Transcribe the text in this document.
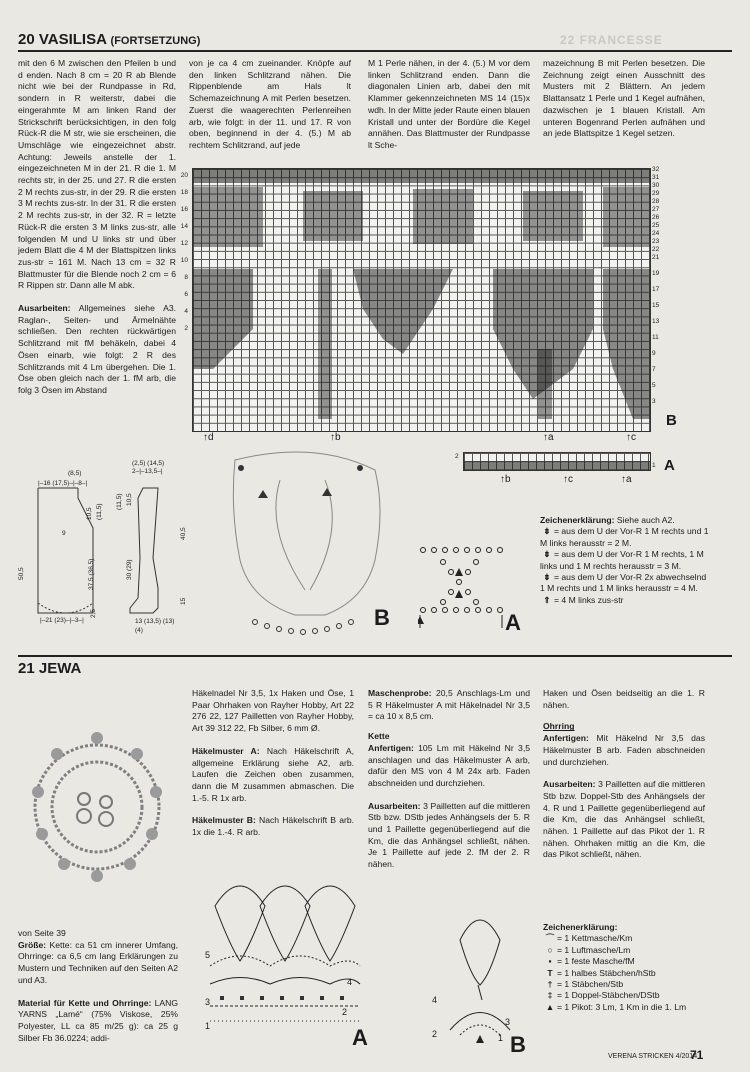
20 VASILISA (FORTSETZUNG)	22 FRANCESSE

mit den 6 M zwischen den Pfeilen b und d enden. Nach 8 cm = 20 R ab Blende nicht wie bei der Rundpasse in Rd, sondern in R weiterstr, dabei die eingerahmte M am linken Rand der Strickschrift berücksichtigen, in den folg Rück-R die M str, wie sie erscheinen, die Umschläge wie eingezeichnet abstr. Achtung: Jeweils anstelle der 1. eingezeichneten M in der 21. R die 1. M rechts str, in der 25. und 27. R die ersten 2 M rechts zus-str, in der 29. R die ersten 3 M rechts zus-str. In der 31. R die ersten 2 M rechts zus-str, in der 32. R = letzte Rück-R die ersten 3 M links zus-str, alle folgenden M und U links str und über jedem Blatt die 4 M der Blattspitzen links zus-str = 161 M. Nach 13 cm = 32 R Blattmuster für die Blende noch 2 cm = 6 R Rippen str. Dann alle M abk.

Ausarbeiten: Allgemeines siehe A3. Raglan-, Seiten- und Ärmelnähte schließen. Den rechten rückwärtigen Schlitzrand mit fM behäkeln, dabei 4 Ösen einarb, wie folgt: 2 R des Schlitzrands mit 4 Lm übergehen. Die 1. Öse oben gleich nach der 1. fM arb, die folg 3 Ösen im Abstand

von je ca 4 cm zueinander. Knöpfe auf den linken Schlitzrand nähen. Die Rippenblende am Hals lt Schemazeichnung A mit Perlen besetzen. Zuerst die waagerechten Perlenreihen arb, wie folgt: in der 11. und 17. R von oben, beginnend in der 4. (5.) M ab rechtem Schlitzrand, auf jede

M 1 Perle nähen, in der 4. (5.) M vor dem linken Schlitzrand enden. Dann die diagonalen Linien arb, dabei den mit Klammer gekennzeichneten MS 14 (15)x wdh. In der Mitte jeder Raute einen blauen Kristall und unter der Bordüre die Kegel annähen. Das Blattmuster der Rundpasse lt Sche-

mazeichnung B mit Perlen besetzen. Die Zeichnung zeigt einen Ausschnitt des Musters mit 2 Blättern. An jedem Blattansatz 1 Perle und 1 Kegel aufnähen, dazwischen je 1 blauen Kristall. Am unteren Bogenrand Perlen aufnähen und an jede Blattspitze 1 Kegel setzen.

20
18
16
14
12
10
8
6
4
2
32
31
30
29
28
27
26
25
24
23
22
21
19
17
15
13
11
9
7
5
3
B
↑d	↑b	↑a	↑c
2
1 A
↑b	↑c	↑a
Zeichenerklärung: Siehe auch A2.
⇟ = aus dem U der Vor-R 1 M rechts und 1 M links herausstr = 2 M.
⇟ = aus dem U der Vor-R 1 M rechts, 1 M links und 1 M rechts herausstr = 3 M.
⇟ = aus dem U der Vor-R 2x abwechselnd 1 M rechts und 1 M links herausstr = 4 M.
⇑ = 4 M links zus-str
(8,5)
|–16 (17,5)–|–8–|
9
|–21 (23)–|–3–|
50,5	37,5 (36,5)
10,5 (11,5)
2,5
(2,5) (14,5)
2–|–13,5–|
(11,5) 10,5
30 (29)
40,5
15
13 (13,5) (13)
(4)
B	A
21 JEWA

von Seite 39

Größe: Kette: ca 51 cm innerer Umfang, Ohrringe: ca 6,5 cm lang Erklärungen zu Mustern und Techniken auf den Seiten A2 und A3.

Material für Kette und Ohrringe: LANG YARNS „Lamé“ (75% Viskose, 25% Polyester, LL ca 85 m/25 g): ca 25 g Silber Fb 36.0224; addi-

Häkelnadel Nr 3,5, 1x Haken und Öse, 1 Paar Ohrhaken von Rayher Hobby, Art 22 276 22, 127 Pailletten von Rayher Hobby, Art 39 312 22, Fb Silber, 6 mm Ø.

Häkelmuster A: Nach Häkelschrift A, allgemeine Erklärung siehe A2, arb. Laufen die Zeichen oben zusammen, dann die M zusammen abmaschen. Die 1.-5. R 1x arb.

Häkelmuster B: Nach Häkelschrift B arb. 1x die 1.-4. R arb.

Maschenprobe: 20,5 Anschlags-Lm und 5 R Häkelmuster A mit Häkelnadel Nr 3,5 = ca 10 x 8,5 cm.

Kette

Anfertigen: 105 Lm mit Häkelnd Nr 3,5 anschlagen und das Häkelmuster A arb, dafür den MS von 4 M 24x arb. Faden abschneiden und durchziehen.

Ausarbeiten: 3 Pailletten auf die mittleren Stb bzw. DStb jedes Anhängsels der 5. R und 1 Paillette gegenüberliegend auf die Km, die das Anhängsel schließt, nähen. Je 1 Paillette auf jede 2. fM der 2. R nähen.

Haken und Ösen beidseitig an die 1. R nähen.

Ohrring

Anfertigen: Mit Häkelnd Nr 3,5 das Häkelmuster B arb. Faden abschneiden und durchziehen.

Ausarbeiten: 3 Pailletten auf die mittleren Stb bzw. Doppel-Stb des Anhängsels der 4. R und 1 Paillette gegenüberliegend auf die Km, die das Anhängsel schließt, nähen. 1 Paillette auf das Pikot der 1. R nähen. Ohrhaken mittig an die Km, die das Pikot schließt, nähen.

5
4
3
2
1	A
4
3
2	1 B
Zeichenerklärung:
⌒ = 1 Kettmasche/Km
○ = 1 Luftmasche/Lm
▪ = 1 feste Masche/fM
T = 1 halbes Stäbchen/hStb
† = 1 Stäbchen/Stb
‡ = 1 Doppel-Stäbchen/DStb
▲ = 1 Pikot: 3 Lm, 1 Km in die 1. Lm
VERENA STRICKEN 4/2014
71
